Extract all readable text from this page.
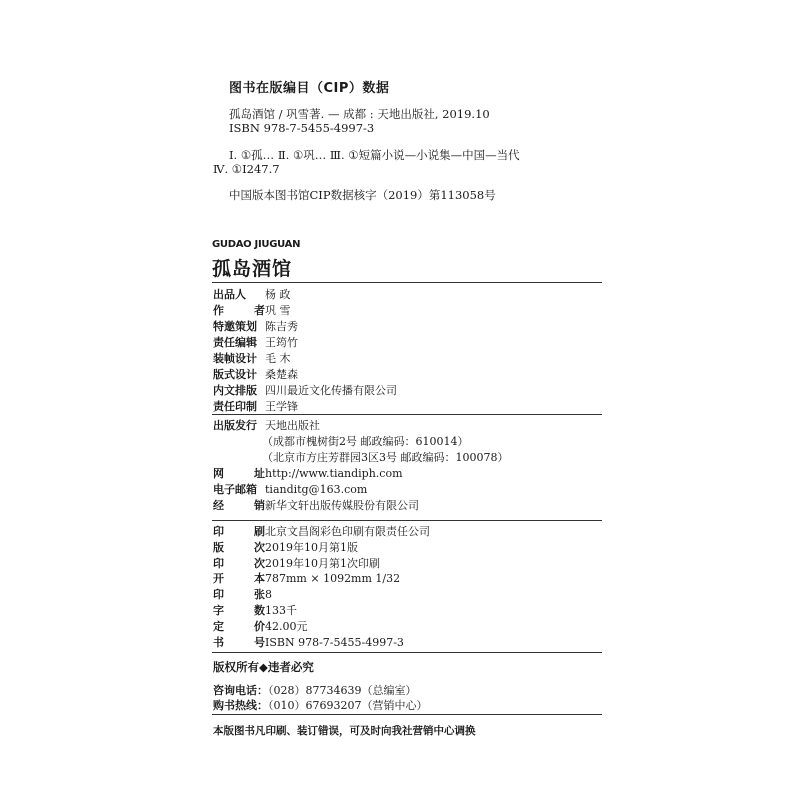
图书在版编目（CIP）数据
孤岛酒馆 / 巩雪著. — 成都 : 天地出版社, 2019.10
ISBN 978-7-5455-4997-3
Ⅰ. ①孤… Ⅱ. ①巩… Ⅲ. ①短篇小说—小说集—中国—当代
Ⅳ. ①I247.7
中国版本图书馆CIP数据核字（2019）第113058号
GUDAO JIUGUAN
孤岛酒馆
出品人	杨 政
作	者 巩 雪
特邀策划 陈吉秀
责任编辑 王筠竹
装帧设计 毛 木
版式设计 桑楚森
内文排版 四川最近文化传播有限公司
责任印制 王学锋
出版发行 天地出版社
（成都市槐树街2号 邮政编码：610014）
（北京市方庄芳群园3区3号 邮政编码：100078）
网	址 http://www.tiandiph.com
电子邮箱 tianditg@163.com
经	销 新华文轩出版传媒股份有限公司
印	刷 北京文昌阁彩色印刷有限责任公司
版	次 2019年10月第1版
印	次 2019年10月第1次印刷
开	本 787mm × 1092mm 1/32
印	张 8
字	数 133千
定	价 42.00元
书	号 ISBN 978-7-5455-4997-3
版权所有◆违者必究
咨询电话：（028）87734639（总编室）
购书热线：（010）67693207（营销中心）
本版图书凡印刷、装订错误，可及时向我社营销中心调换
